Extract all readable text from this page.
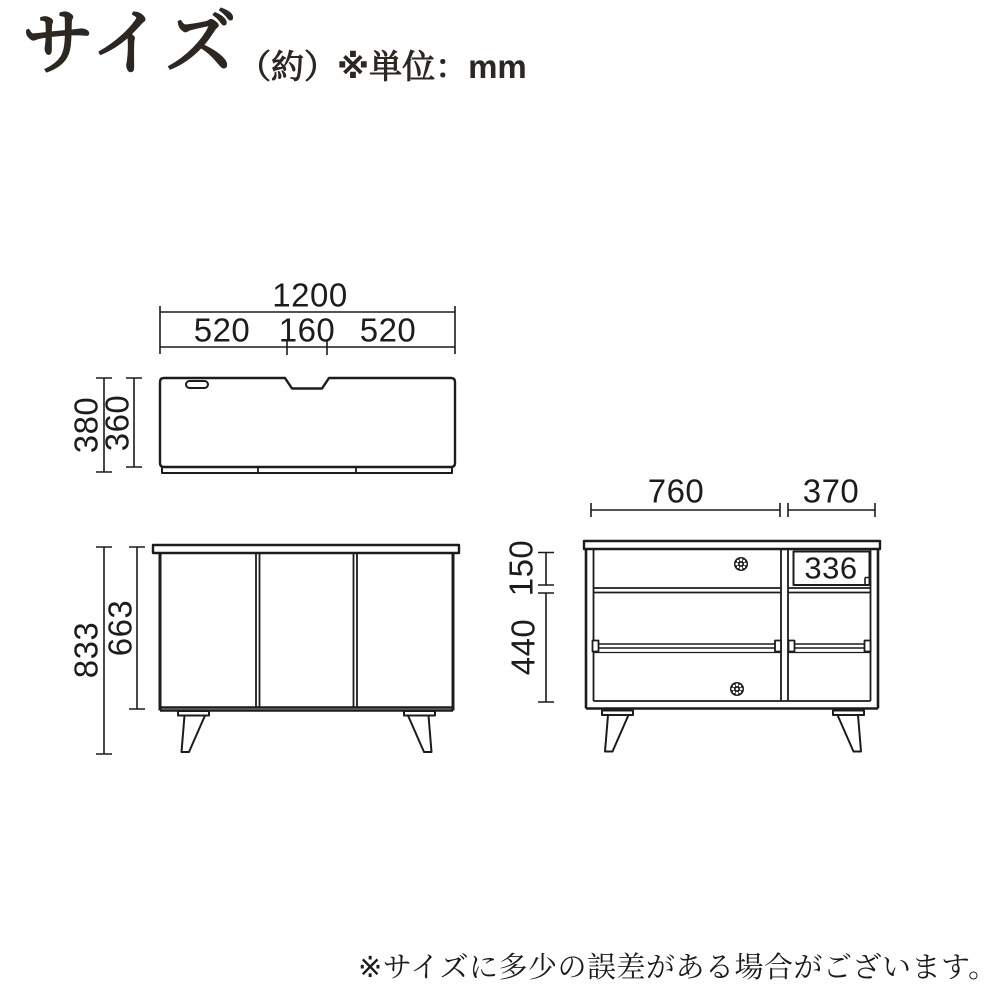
サイズ （約）※単位：mm
1200
520 160 520
380
360
833
663
760	370
150
440
336
※サイズに多少の誤差がある場合がございます。
